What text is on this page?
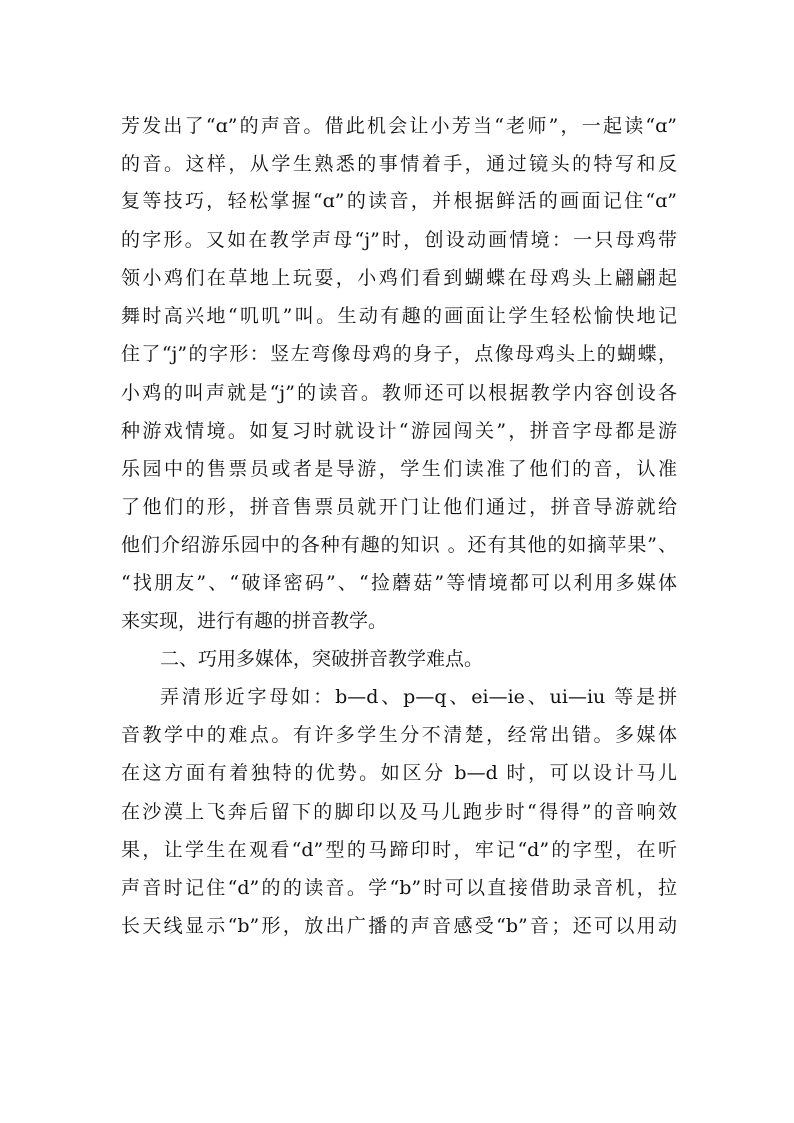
芳发出了“ɑ”的声音。借此机会让小芳当“老师”，一起读“ɑ”
的音。这样，从学生熟悉的事情着手，通过镜头的特写和反
复等技巧，轻松掌握“ɑ”的读音，并根据鲜活的画面记住“ɑ”
的字形。又如在教学声母“j”时，创设动画情境：一只母鸡带
领小鸡们在草地上玩耍，小鸡们看到蝴蝶在母鸡头上翩翩起
舞时高兴地“叽叽”叫。生动有趣的画面让学生轻松愉快地记
住了“j”的字形：竖左弯像母鸡的身子，点像母鸡头上的蝴蝶，
小鸡的叫声就是“j”的读音。教师还可以根据教学内容创设各
种游戏情境。如复习时就设计“游园闯关”，拼音字母都是游
乐园中的售票员或者是导游，学生们读准了他们的音，认准
了他们的形，拼音售票员就开门让他们通过，拼音导游就给
他们介绍游乐园中的各种有趣的知识 。还有其他的如摘苹果”、
“找朋友”、“破译密码”、“捡蘑菇”等情境都可以利用多媒体
来实现，进行有趣的拼音教学。
二、巧用多媒体，突破拼音教学难点。
弄清形近字母如：b—d、p—q、ei—ie、ui—iu 等是拼
音教学中的难点。有许多学生分不清楚，经常出错。多媒体
在这方面有着独特的优势。如区分 b—d 时，可以设计马儿
在沙漠上飞奔后留下的脚印以及马儿跑步时“得得”的音响效
果，让学生在观看“d”型的马蹄印时，牢记“d”的字型，在听
声音时记住“d”的的读音。学“b”时可以直接借助录音机，拉
长天线显示“b”形，放出广播的声音感受“b”音；还可以用动
